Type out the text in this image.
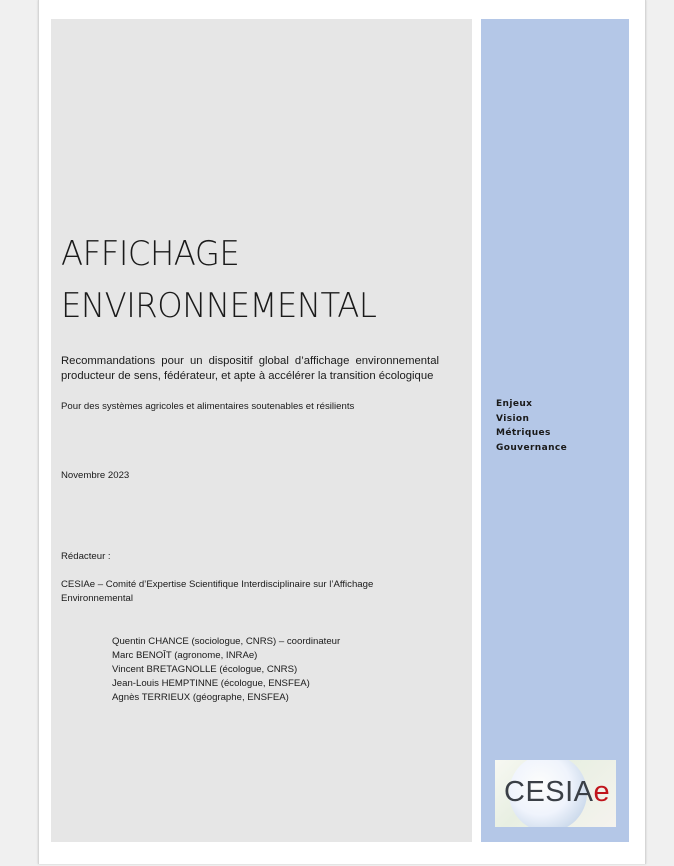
AFFICHAGE
ENVIRONNEMENTAL
Recommandations pour un dispositif global d’affichage environnemental producteur de sens, fédérateur, et apte à accélérer la transition écologique
Pour des systèmes agricoles et alimentaires soutenables et résilients
Novembre 2023
Rédacteur :
CESIAe – Comité d’Expertise Scientifique Interdisciplinaire sur l’Affichage Environnemental
Quentin CHANCE (sociologue, CNRS) – coordinateur
Marc BENOÎT (agronome, INRAe)
Vincent BRETAGNOLLE (écologue, CNRS)
Jean-Louis HEMPTINNE (écologue, ENSFEA)
Agnès TERRIEUX (géographe, ENSFEA)
Enjeux
Vision
Métriques
Gouvernance
CESIAe
